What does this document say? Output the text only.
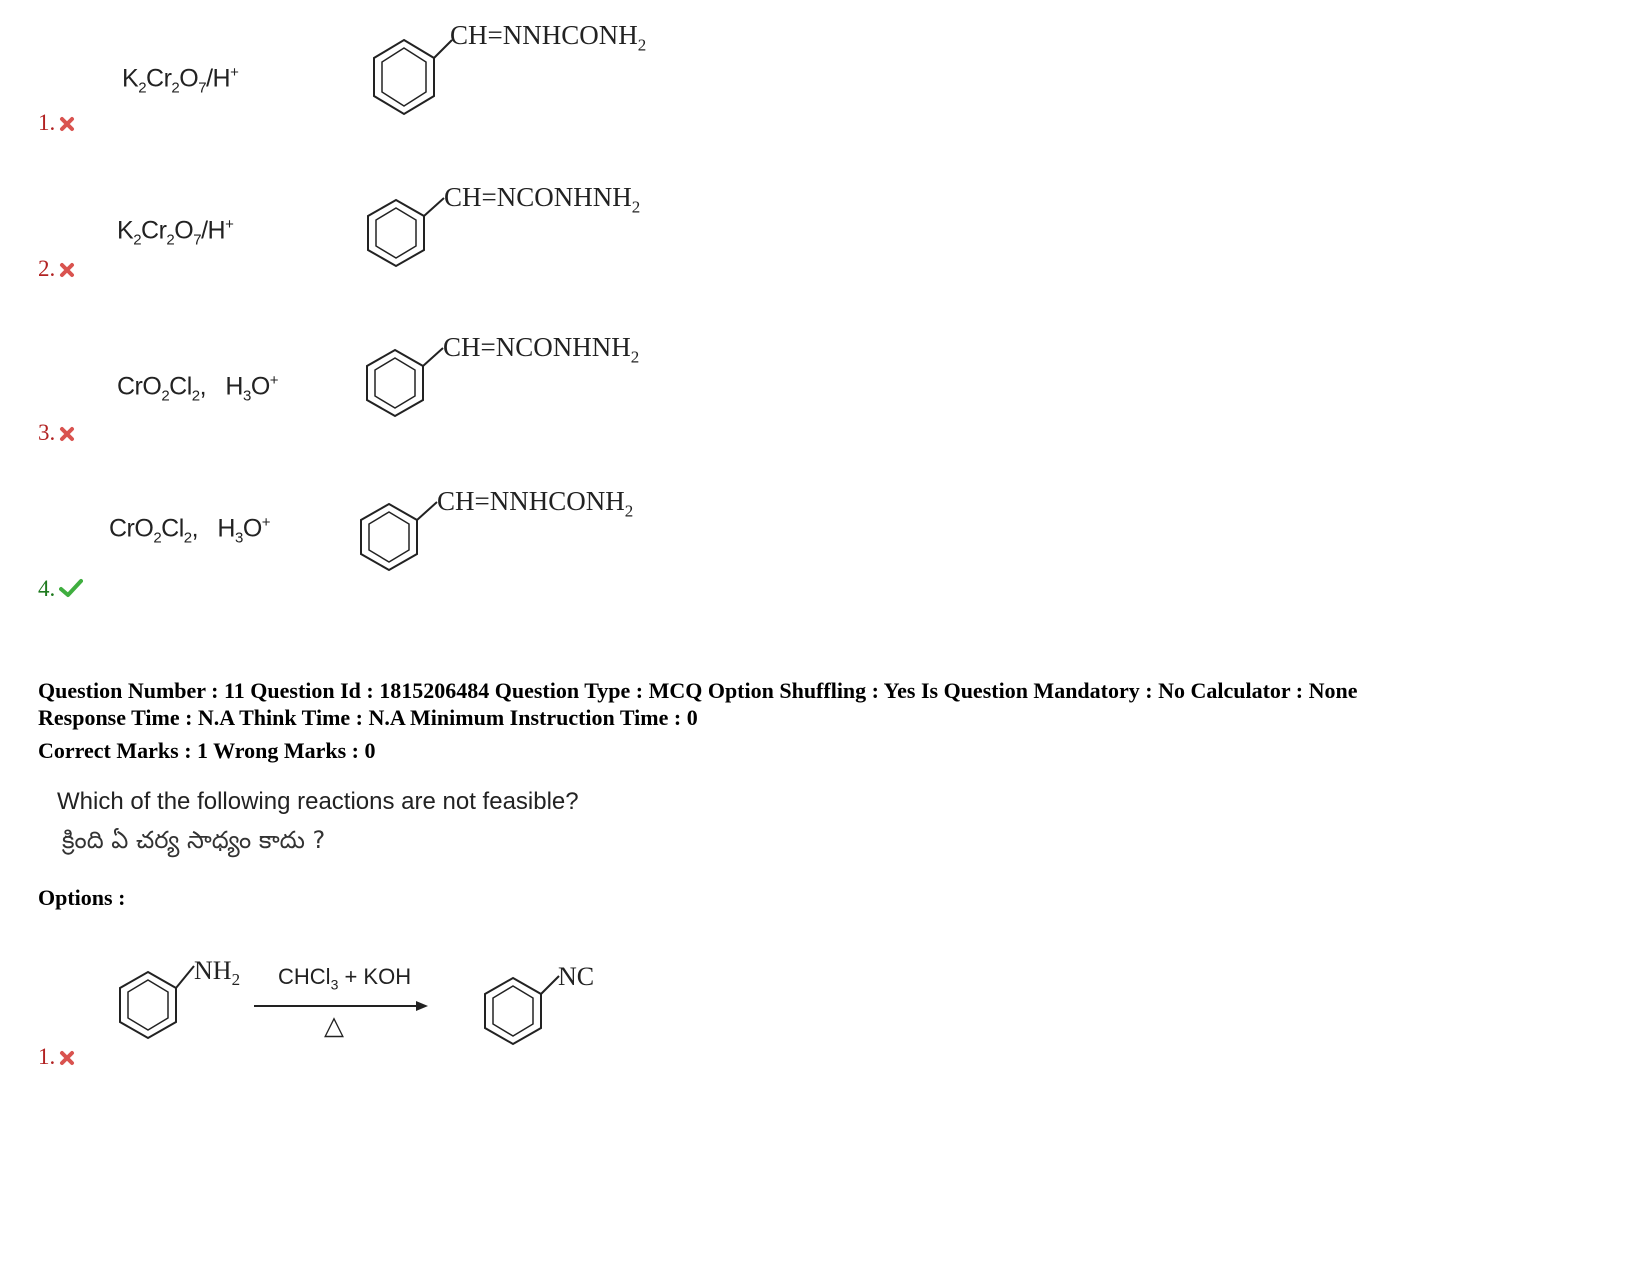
$K_2Cr_2O_7/H^+$
$CH=NNHCONH_2$
1.
$K_2Cr_2O_7/H^+$
$CH=NCONHNH_2$
2.
$CrO_2Cl_2$,   $H_3O^+$
$CH=NCONHNH_2$
3.
$CrO_2Cl_2$,   $H_3O^+$
$CH=NNHCONH_2$
4.
Question Number : 11 Question Id : 1815206484 Question Type : MCQ Option Shuffling : Yes Is Question Mandatory : No Calculator : None
Response Time : N.A Think Time : N.A Minimum Instruction Time : 0
Correct Marks : 1 Wrong Marks : 0
Which of the following reactions are not feasible?
క్రింది ఏ చర్య సాధ్యం కాదు ?
Options :
$NH_2$ CHCl$_3$ + KOH
△
NC
1.
